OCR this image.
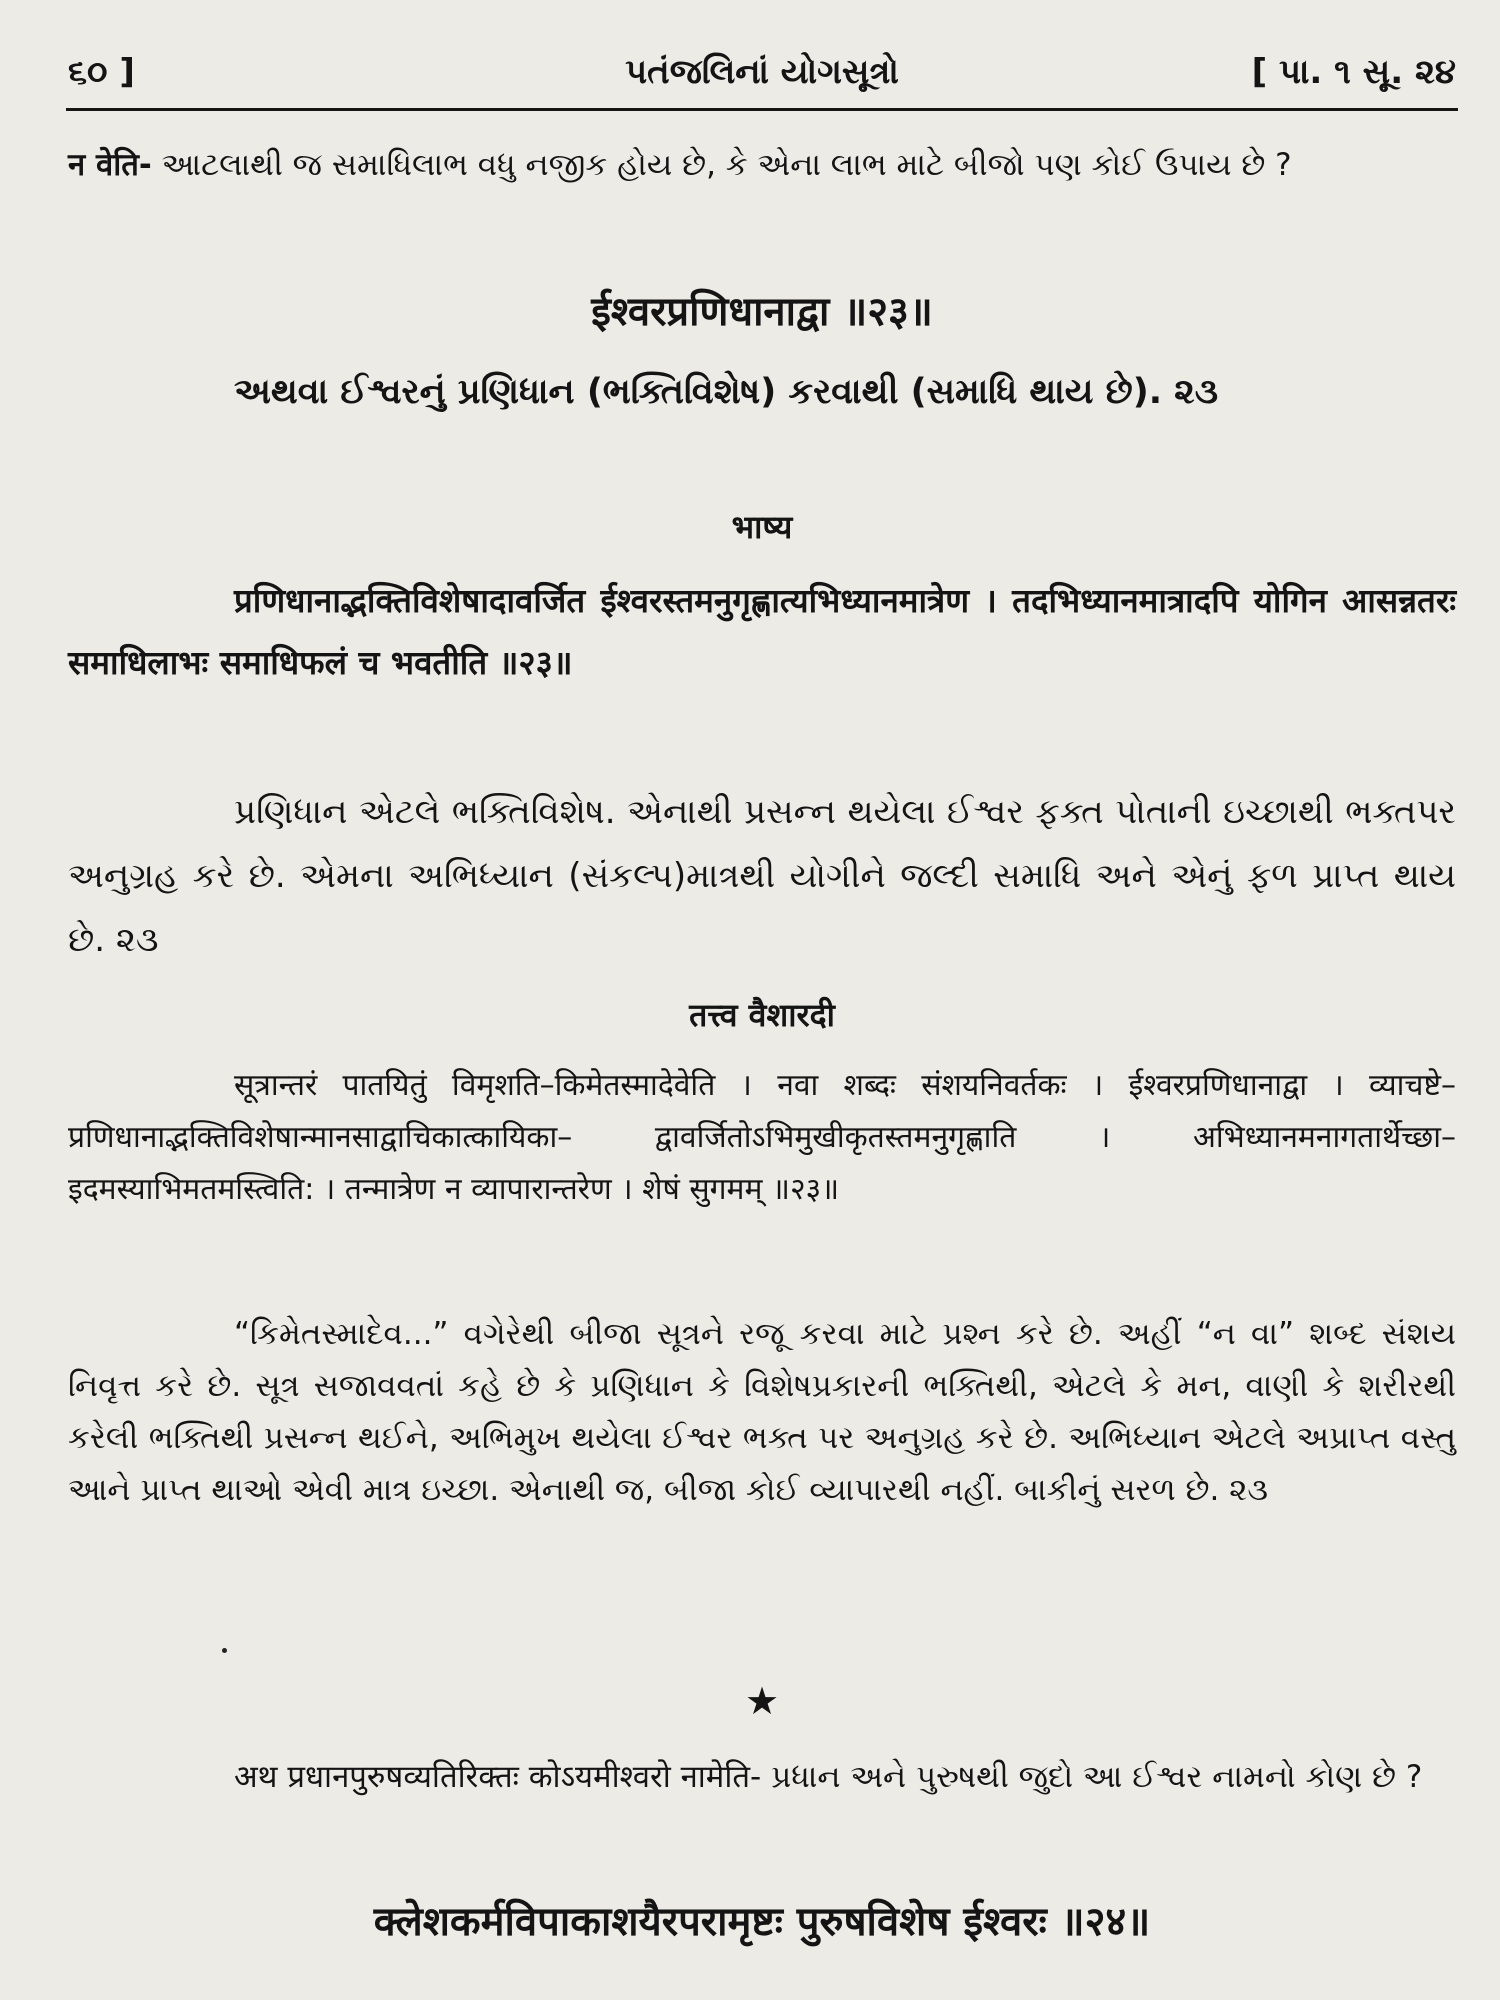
૬૦ ]	પતંજલિનાં યોગસૂત્રો	[ પા. ૧ સૂ. ૨૪

न वेति- આટલાથી જ સમાધિલાભ વધુ નજીક હોય છે, કે એના લાભ માટે બીજો પણ કોઈ ઉપાય છે ?

ईश्वरप्रणिधानाद्वा ॥२३॥

અથવા ઈશ્વરનું પ્રણિધાન (ભક્તિવિશેષ) કરવાથી (સમાધિ થાય છે). ૨૩

भाष्य

प्रणिधानाद्भक्तिविशेषादावर्जित ईश्वरस्तमनुगृह्णात्यभिध्यानमात्रेण । तदभिध्यानमात्रादपि योगिन आसन्नतरः समाधिलाभः समाधिफलं च भवतीति ॥२३॥

પ્રણિધાન એટલે ભક્તિવિશેષ. એનાથી પ્રસન્ન થયેલા ઈશ્વર ફક્ત પોતાની ઇચ્છાથી ભક્તપર અનુગ્રહ કરે છે. એમના અભિધ્યાન (સંકલ્પ)માત્રથી યોગીને જલ્દી સમાધિ અને એનું ફળ પ્રાપ્ત થાય છે. ૨૩

तत्त्व वैशारदी

सूत्रान्तरं पातयितुं विमृशति–किमेतस्मादेवेति । नवा शब्दः संशयनिवर्तकः । ईश्वरप्रणिधानाद्वा । व्याचष्टे–प्रणिधानाद्भक्तिविशेषान्मानसाद्वाचिकात्कायिका– द्वावर्जितोऽभिमुखीकृतस्तमनुगृह्णाति । अभिध्यानमनागतार्थेच्छा–इदमस्याभिमतमस्त्विति: । तन्मात्रेण न व्यापारान्तरेण । शेषं सुगमम् ॥२३॥

“કિમેતસ્માદેવ...” વગેરેથી બીજા સૂત્રને રજૂ કરવા માટે પ્રશ્ન કરે છે. અહીં “ન વા” શબ્દ સંશય નિવૃત્ત કરે છે. સૂત્ર સજાવવતાં કહે છે કે પ્રણિધાન કે વિશેષપ્રકારની ભક્તિથી, એટલે કે મન, વાણી કે શરીરથી કરેલી ભક્તિથી પ્રસન્ન થઈને, અભિમુખ થયેલા ઈશ્વર ભક્ત પર અનુગ્રહ કરે છે. અભિધ્યાન એટલે અપ્રાપ્ત વસ્તુ આને પ્રાપ્ત થાઓ એવી માત્ર ઇચ્છા. એનાથી જ, બીજા કોઈ વ્યાપારથી નહીં. બાકીનું સરળ છે. ૨૩

★

अथ प्रधानपुरुषव्यतिरिक्तः कोऽयमीश्वरो नामेति- પ્રધાન અને પુરુષથી જુદો આ ઈશ્વર નામનો કોણ છે ?

क्लेशकर्मविपाकाशयैरपरामृष्टः पुरुषविशेष ईश्वरः ॥२४॥
